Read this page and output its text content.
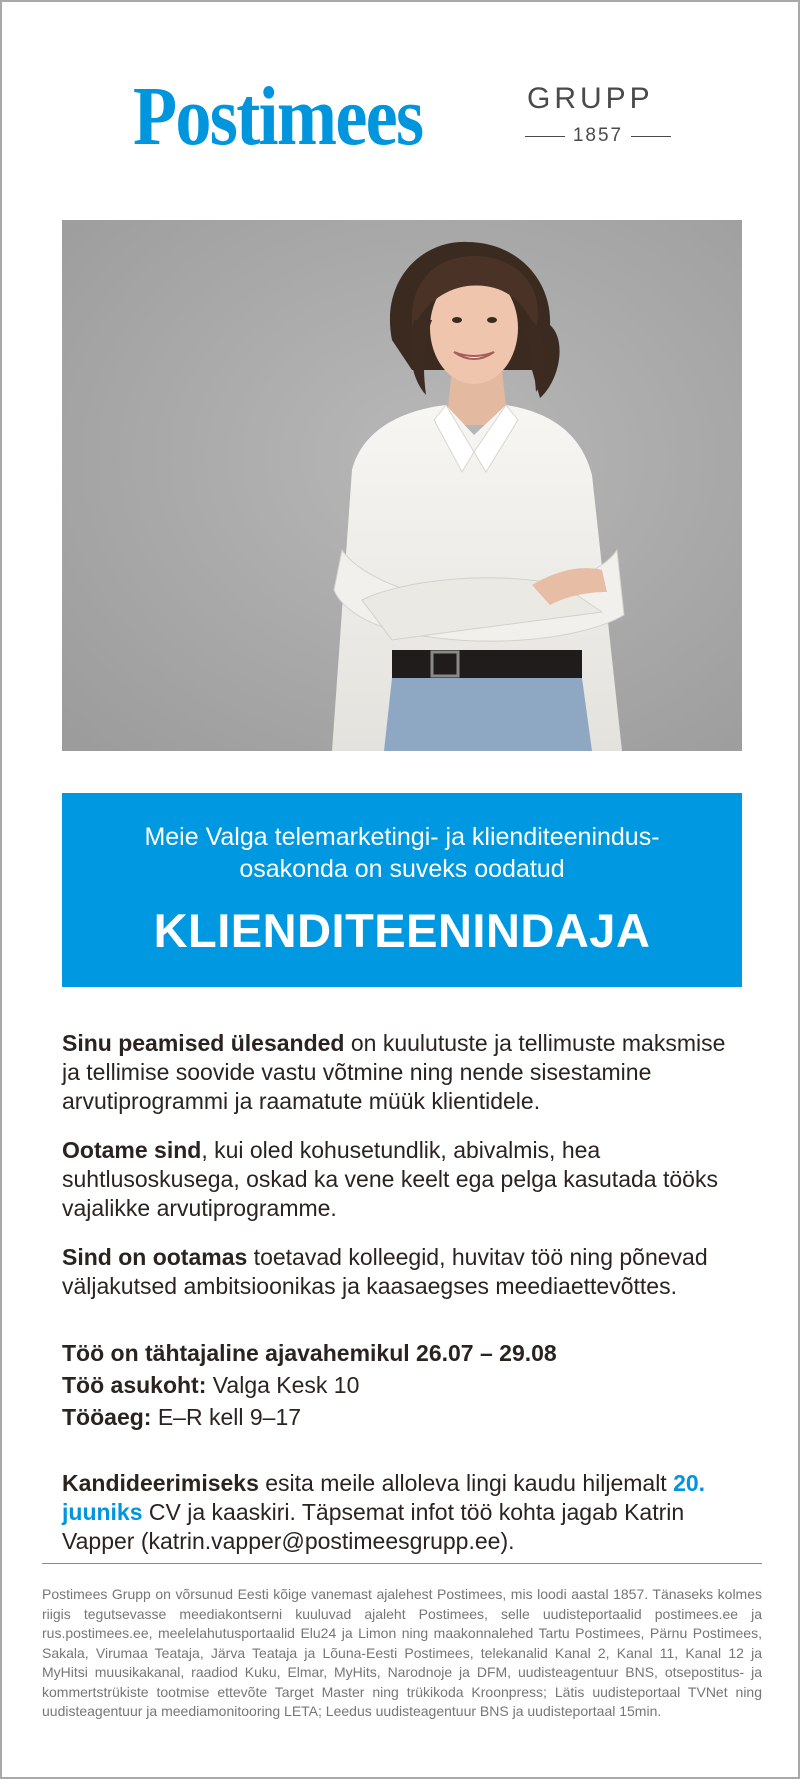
Postimees	GRUPP
1857
Meie Valga telemarketingi- ja klienditeenindus-osakonda on suveks oodatud
KLIENDITEENINDAJA

Sinu peamised ülesanded on kuulutuste ja tellimuste maksmise ja tellimise soovide vastu võtmine ning nende sisestamine arvutiprogrammi ja raamatute müük klientidele.

Ootame sind, kui oled kohusetundlik, abivalmis, hea suhtlusoskusega, oskad ka vene keelt ega pelga kasutada tööks vajalikke arvutiprogramme.

Sind on ootamas toetavad kolleegid, huvitav töö ning põnevad väljakutsed ambitsioonikas ja kaasaegses meediaettevõttes.

Töö on tähtajaline ajavahemikul 26.07 – 29.08
Töö asukoht: Valga Kesk 10
Tööaeg: E–R kell 9–17

Kandideerimiseks esita meile alloleva lingi kaudu hiljemalt 20. juuniks CV ja kaaskiri. Täpsemat infot töö kohta jagab Katrin Vapper (katrin.vapper@postimeesgrupp.ee).

Postimees Grupp on võrsunud Eesti kõige vanemast ajalehest Postimees, mis loodi aastal 1857. Tänaseks kolmes riigis tegutsevasse meediakontserni kuuluvad ajaleht Postimees, selle uudisteportaalid postimees.ee ja rus.postimees.ee, meelelahutusportaalid Elu24 ja Limon ning maakonnalehed Tartu Postimees, Pärnu Postimees, Sakala, Virumaa Teataja, Järva Teataja ja Lõuna-Eesti Postimees, telekanalid Kanal 2, Kanal 11, Kanal 12 ja MyHitsi muusikakanal, raadiod Kuku, Elmar, MyHits, Narodnoje ja DFM, uudisteagentuur BNS, otsepostitus- ja kommertstrükiste tootmise ettevõte Target Master ning trükikoda Kroonpress; Lätis uudisteportaal TVNet ning uudisteagentuur ja meediamonitooring LETA; Leedus uudisteagentuur BNS ja uudisteportaal 15min.
